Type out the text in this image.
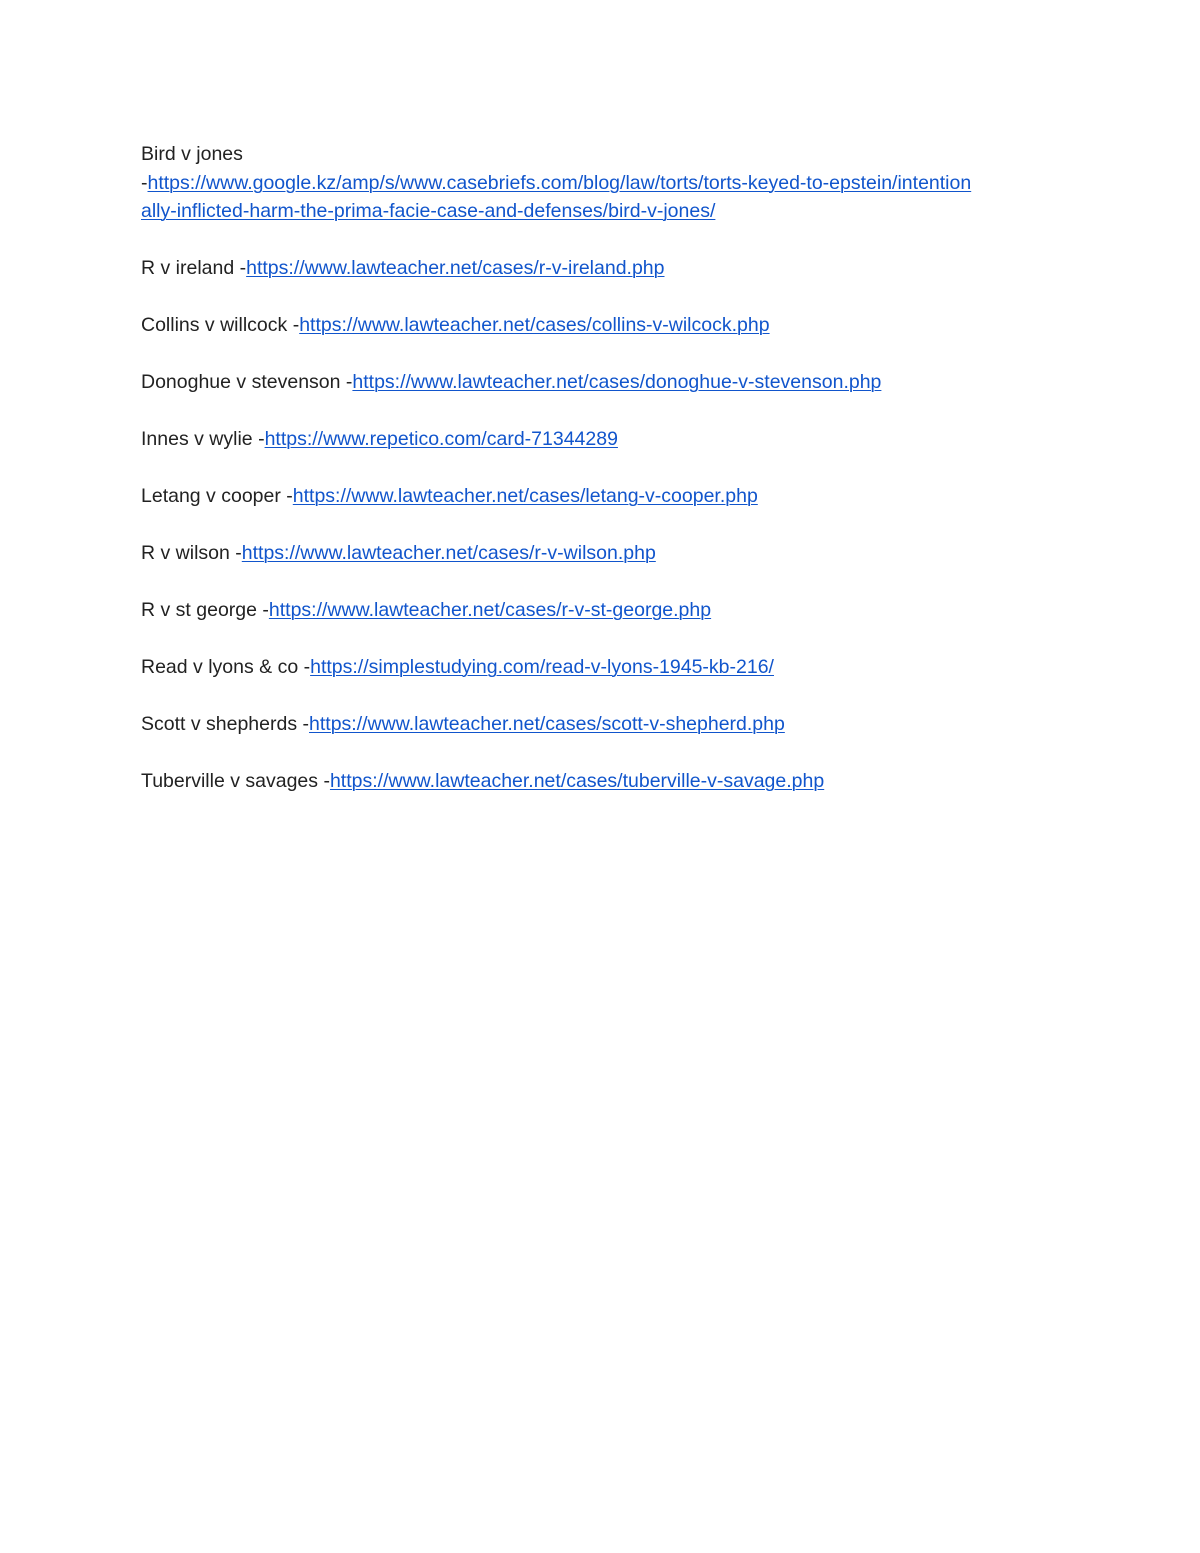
Bird v jones
-https://www.google.kz/amp/s/www.casebriefs.com/blog/law/torts/torts-keyed-to-epstein/intention
ally-inflicted-harm-the-prima-facie-case-and-defenses/bird-v-jones/
R v ireland -https://www.lawteacher.net/cases/r-v-ireland.php
Collins v willcock -https://www.lawteacher.net/cases/collins-v-wilcock.php
Donoghue v stevenson -https://www.lawteacher.net/cases/donoghue-v-stevenson.php
Innes v wylie -https://www.repetico.com/card-71344289
Letang v cooper -https://www.lawteacher.net/cases/letang-v-cooper.php
R v wilson -https://www.lawteacher.net/cases/r-v-wilson.php
R v st george -https://www.lawteacher.net/cases/r-v-st-george.php
Read v lyons & co -https://simplestudying.com/read-v-lyons-1945-kb-216/
Scott v shepherds -https://www.lawteacher.net/cases/scott-v-shepherd.php
Tuberville v savages -https://www.lawteacher.net/cases/tuberville-v-savage.php
